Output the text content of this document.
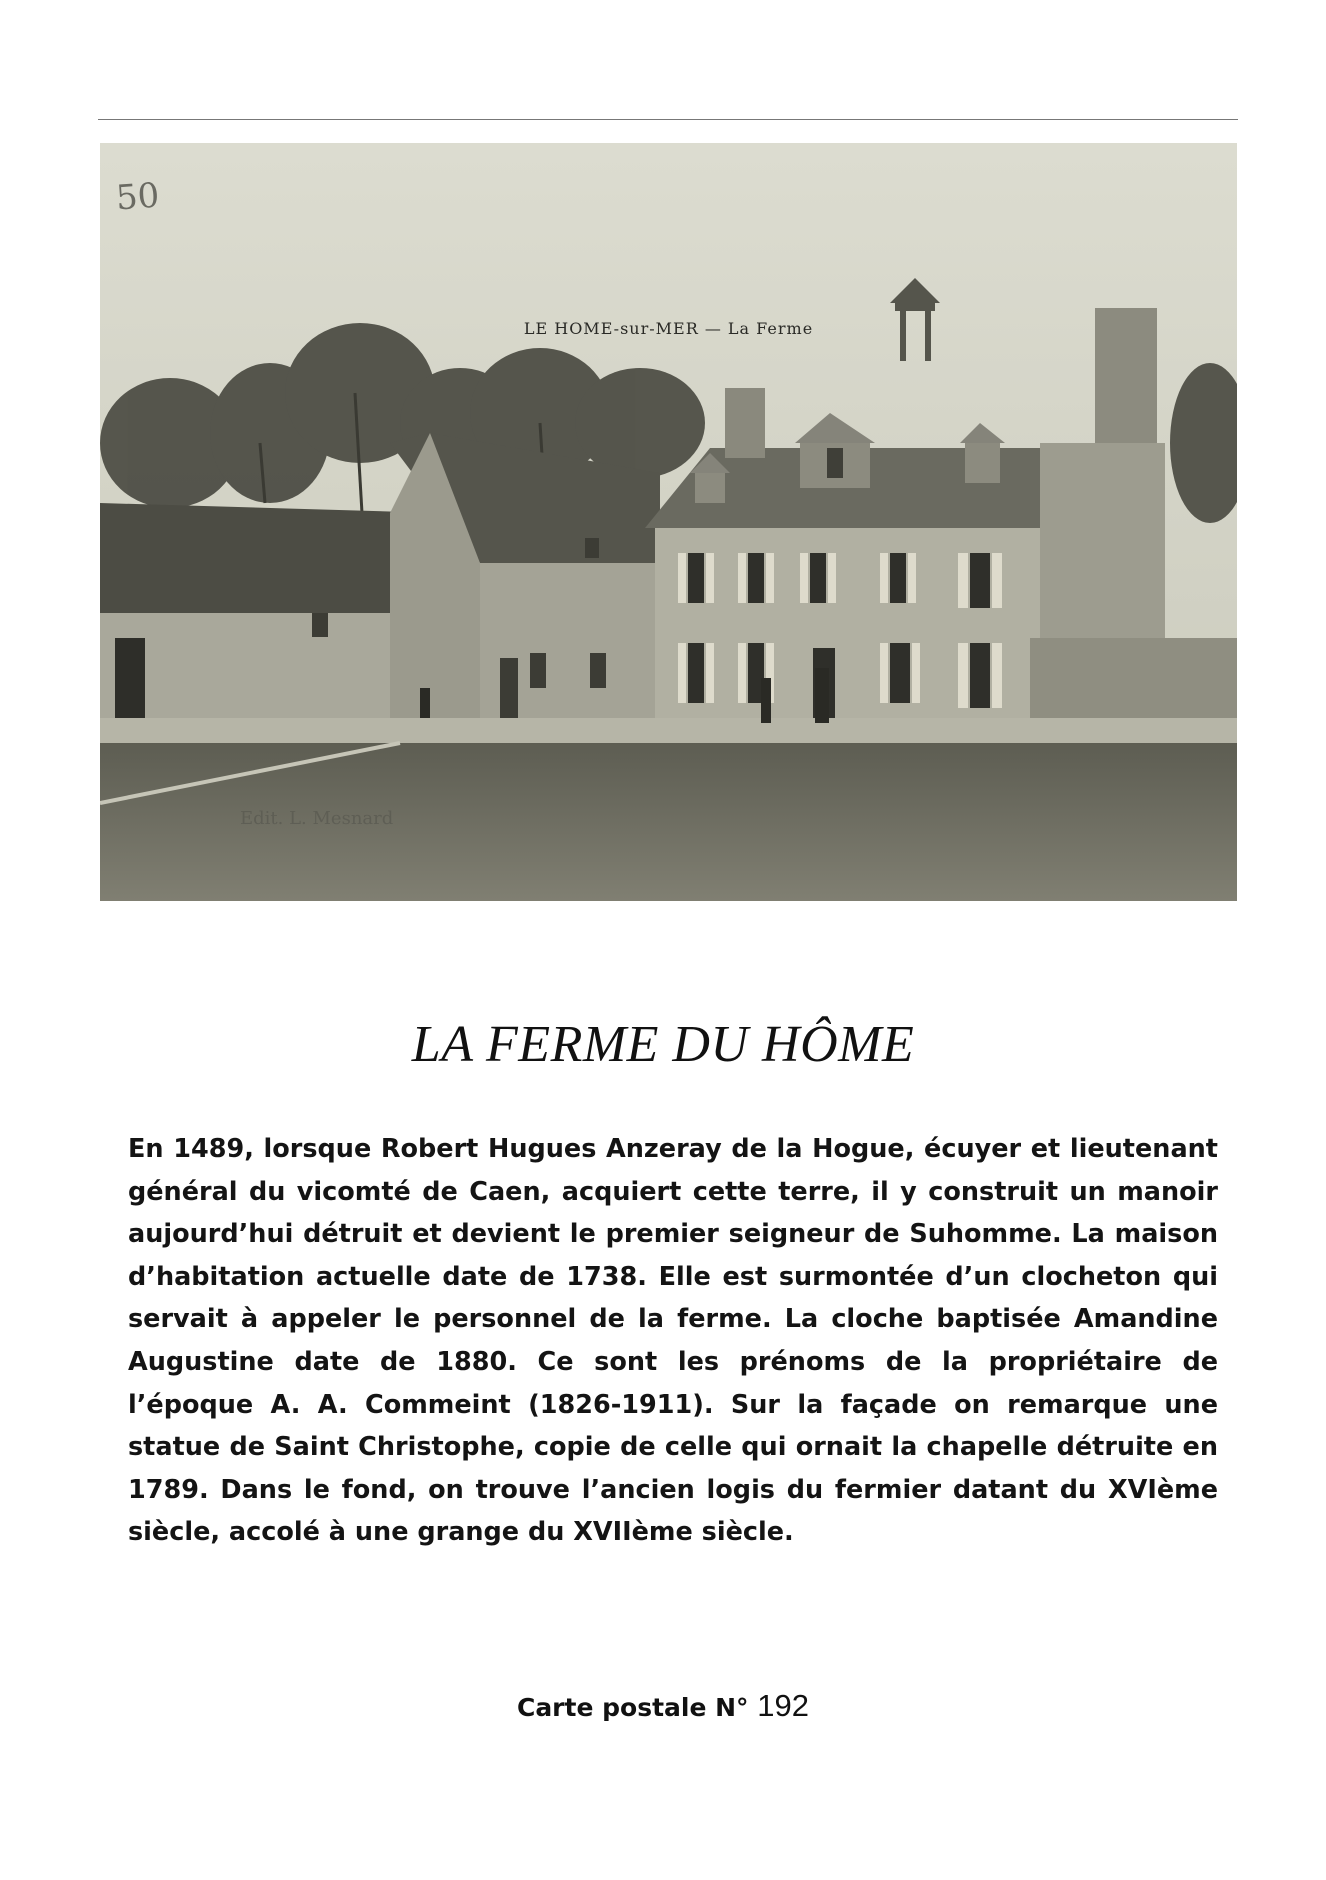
LE HOME-sur-MER — La Ferme
50
Edit. L. Mesnard
LA FERME DU HÔME

En 1489, lorsque Robert Hugues Anzeray de la Hogue, écuyer et lieutenant général du vicomté de Caen, acquiert cette terre, il y construit un manoir aujourd’hui détruit et devient le premier seigneur de Suhomme. La maison d’habitation actuelle date de 1738. Elle est surmontée d’un clocheton qui servait à appeler le personnel de la ferme. La cloche baptisée Amandine Augustine date de 1880. Ce sont les prénoms de la propriétaire de l’époque A. A. Commeint (1826-1911). Sur la façade on remarque une statue de Saint Christophe, copie de celle qui ornait la chapelle détruite en 1789. Dans le fond, on trouve l’ancien logis du fermier datant du XVIème siècle, accolé à une grange du XVIIème siècle.

Carte postale N° 192
